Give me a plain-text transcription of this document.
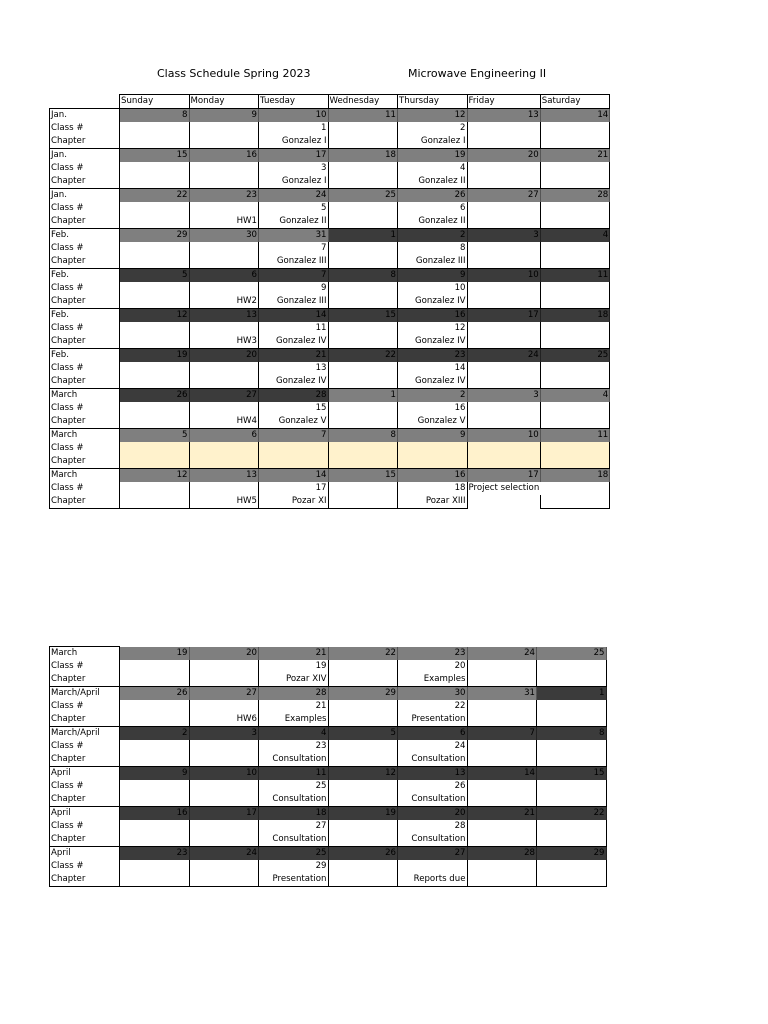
Class Schedule Spring 2023	Microwave Engineering II
	Sunday	Monday	Tuesday	Wednesday	Thursday	Friday	Saturday
Jan.	8	9	10	11	12	13	14
Class #			1		2		
Chapter			Gonzalez I		Gonzalez I		
Jan.	15	16	17	18	19	20	21
Class #			3		4		
Chapter			Gonzalez I		Gonzalez II		
Jan.	22	23	24	25	26	27	28
Class #			5		6		
Chapter		HW1	Gonzalez II		Gonzalez II		
Feb.	29	30	31	1	2	3	4
Class #			7		8		
Chapter			Gonzalez III		Gonzalez III		
Feb.	5	6	7	8	9	10	11
Class #			9		10		
Chapter		HW2	Gonzalez III		Gonzalez IV		
Feb.	12	13	14	15	16	17	18
Class #			11		12		
Chapter		HW3	Gonzalez IV		Gonzalez IV		
Feb.	19	20	21	22	23	24	25
Class #			13		14		
Chapter			Gonzalez IV		Gonzalez IV		
March	26	27	28	1	2	3	4
Class #			15		16		
Chapter		HW4	Gonzalez V		Gonzalez V		
March	5	6	7	8	9	10	11
Class #							
Chapter							
March	12	13	14	15	16	17	18
Class #			17		18	Project selection	
Chapter		HW5	Pozar XI		Pozar XIII		
March	19	20	21	22	23	24	25
Class #			19		20		
Chapter			Pozar XIV		Examples		
March/April	26	27	28	29	30	31	1
Class #			21		22		
Chapter		HW6	Examples		Presentation		
March/April	2	3	4	5	6	7	8
Class #			23		24		
Chapter			Consultation		Consultation		
April	9	10	11	12	13	14	15
Class #			25		26		
Chapter			Consultation		Consultation		
April	16	17	18	19	20	21	22
Class #			27		28		
Chapter			Consultation		Consultation		
April	23	24	25	26	27	28	29
Class #			29				
Chapter			Presentation		Reports due		
